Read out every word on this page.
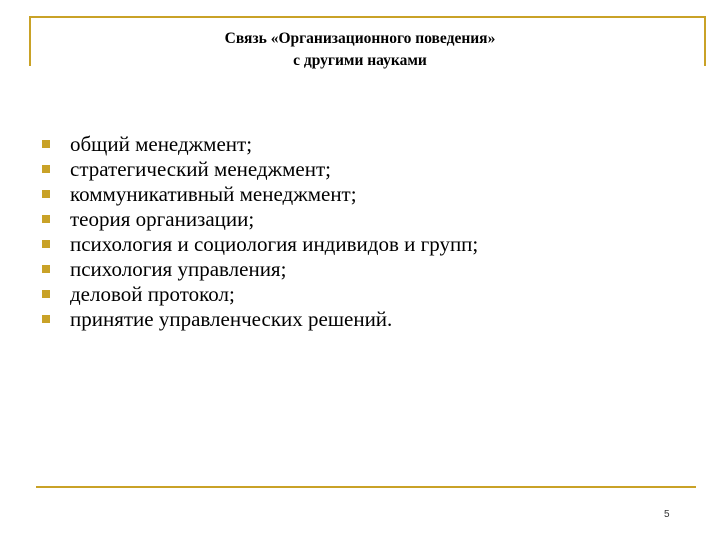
Связь «Организационного поведения»
с другими науками
общий менеджмент;
стратегический менеджмент;
коммуникативный менеджмент;
теория организации;
психология и социология индивидов и групп;
психология управления;
деловой протокол;
принятие управленческих решений.
5
